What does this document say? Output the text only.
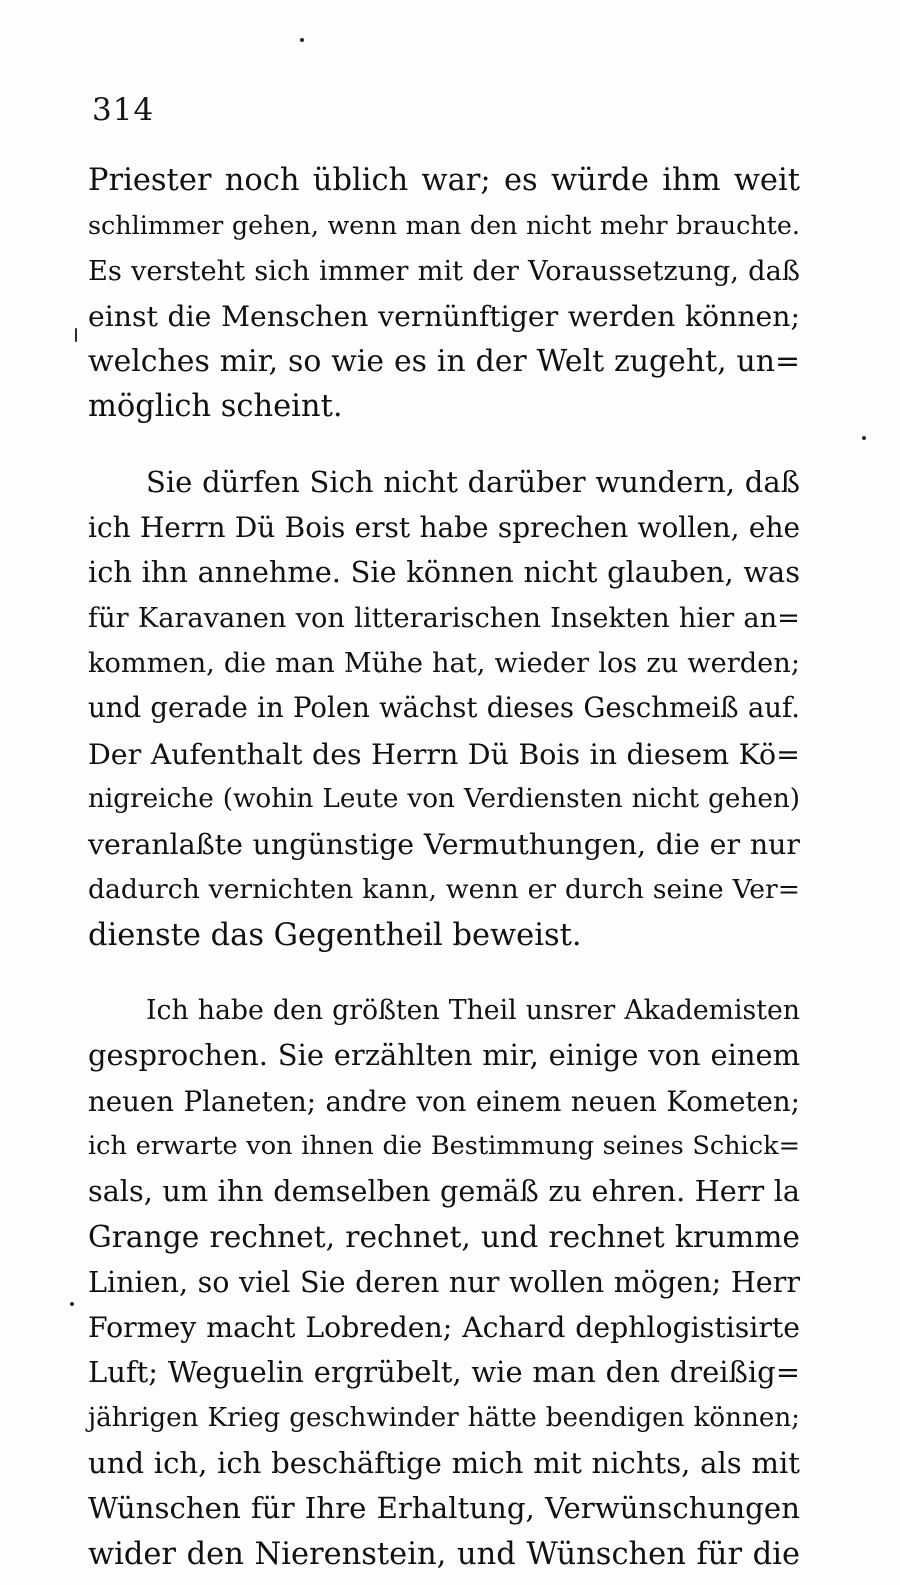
314
Priester noch üblich war; es würde ihm weit
schlimmer gehen, wenn man den nicht mehr brauchte.
Es versteht sich immer mit der Voraussetzung, daß
einst die Menschen vernünftiger werden können;
welches mir, so wie es in der Welt zugeht, un=
möglich scheint.
Sie dürfen Sich nicht darüber wundern, daß
ich Herrn Dü Bois erst habe sprechen wollen, ehe
ich ihn annehme. Sie können nicht glauben, was
für Karavanen von litterarischen Insekten hier an=
kommen, die man Mühe hat, wieder los zu werden;
und gerade in Polen wächst dieses Geschmeiß auf.
Der Aufenthalt des Herrn Dü Bois in diesem Kö=
nigreiche (wohin Leute von Verdiensten nicht gehen)
veranlaßte ungünstige Vermuthungen, die er nur
dadurch vernichten kann, wenn er durch seine Ver=
dienste das Gegentheil beweist.
Ich habe den größten Theil unsrer Akademisten
gesprochen. Sie erzählten mir, einige von einem
neuen Planeten; andre von einem neuen Kometen;
ich erwarte von ihnen die Bestimmung seines Schick=
sals, um ihn demselben gemäß zu ehren. Herr la
Grange rechnet, rechnet, und rechnet krumme
Linien, so viel Sie deren nur wollen mögen; Herr
Formey macht Lobreden; Achard dephlogistisirte
Luft; Weguelin ergrübelt, wie man den dreißig=
jährigen Krieg geschwinder hätte beendigen können;
und ich, ich beschäftige mich mit nichts, als mit
Wünschen für Ihre Erhaltung, Verwünschungen
wider den Nierenstein, und Wünschen für die
